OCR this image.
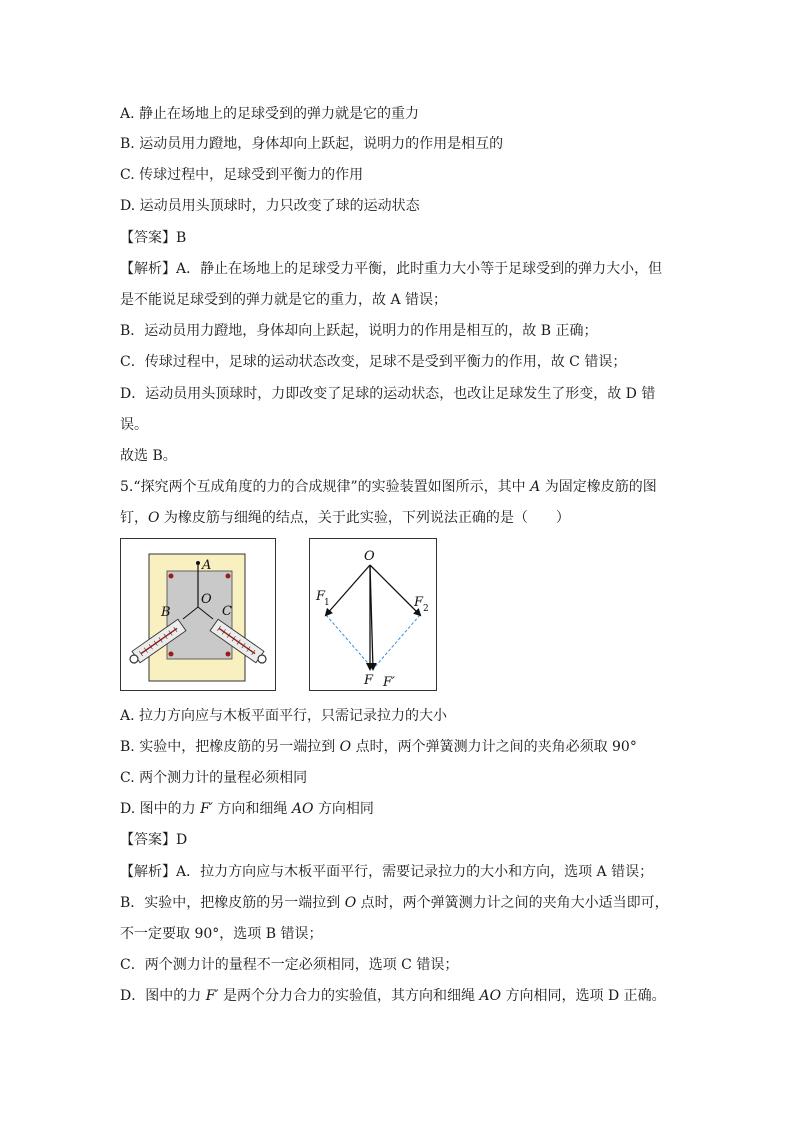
A. 静止在场地上的足球受到的弹力就是它的重力
B. 运动员用力蹬地，身体却向上跃起，说明力的作用是相互的
C. 传球过程中，足球受到平衡力的作用
D. 运动员用头顶球时，力只改变了球的运动状态
【答案】B
【解析】A．静止在场地上的足球受力平衡，此时重力大小等于足球受到的弹力大小，但
是不能说足球受到的弹力就是它的重力，故 A 错误；
B．运动员用力蹬地，身体却向上跃起，说明力的作用是相互的，故 B 正确；
C．传球过程中，足球的运动状态改变，足球不是受到平衡力的作用，故 C 错误；
D．运动员用头顶球时，力即改变了足球的运动状态，也改让足球发生了形变，故 D 错
误。
故选 B。
5.“探究两个互成角度的力的合成规律”的实验装置如图所示，其中 A 为固定橡皮筋的图
钉，O 为橡皮筋与细绳的结点，关于此实验，下列说法正确的是（　　）
A
O
B	C
O
F
1	F 2
F F′
A. 拉力方向应与木板平面平行，只需记录拉力的大小
B. 实验中，把橡皮筋的另一端拉到 O 点时，两个弹簧测力计之间的夹角必须取 90°
C. 两个测力计的量程必须相同
D. 图中的力 F′ 方向和细绳 AO 方向相同
【答案】D
【解析】A．拉力方向应与木板平面平行，需要记录拉力的大小和方向，选项 A 错误；
B．实验中，把橡皮筋的另一端拉到 O 点时，两个弹簧测力计之间的夹角大小适当即可，
不一定要取 90°，选项 B 错误；
C．两个测力计的量程不一定必须相同，选项 C 错误；
D．图中的力 F′ 是两个分力合力的实验值，其方向和细绳 AO 方向相同，选项 D 正确。
